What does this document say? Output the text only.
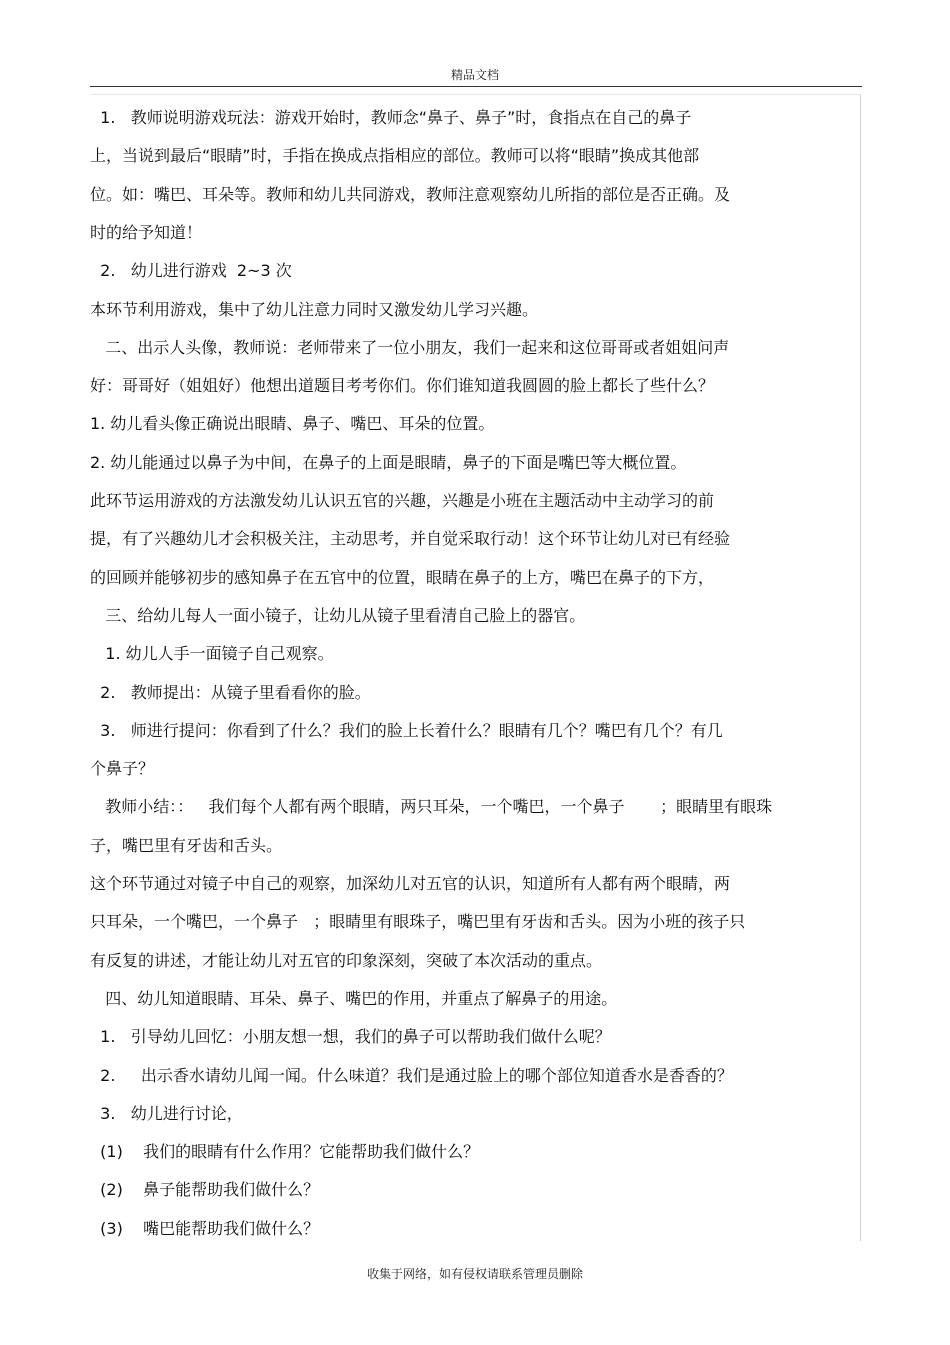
精品文档
1.   教师说明游戏玩法：游戏开始时，教师念“鼻子、鼻子”时，食指点在自己的鼻子
上，当说到最后“眼睛”时，手指在换成点指相应的部位。教师可以将“眼睛”换成其他部
位。如：嘴巴、耳朵等。教师和幼儿共同游戏，教师注意观察幼儿所指的部位是否正确。及
时的给予知道！
2.   幼儿进行游戏  2~3 次
本环节利用游戏，集中了幼儿注意力同时又激发幼儿学习兴趣。
二、出示人头像，教师说：老师带来了一位小朋友，我们一起来和这位哥哥或者姐姐问声
好：哥哥好（姐姐好）他想出道题目考考你们。你们谁知道我圆圆的脸上都长了些什么？
1. 幼儿看头像正确说出眼睛、鼻子、嘴巴、耳朵的位置。
2. 幼儿能通过以鼻子为中间，在鼻子的上面是眼睛，鼻子的下面是嘴巴等大概位置。
此环节运用游戏的方法激发幼儿认识五官的兴趣，兴趣是小班在主题活动中主动学习的前
提，有了兴趣幼儿才会积极关注，主动思考，并自觉采取行动！这个环节让幼儿对已有经验
的回顾并能够初步的感知鼻子在五官中的位置，眼睛在鼻子的上方，嘴巴在鼻子的下方，
三、给幼儿每人一面小镜子，让幼儿从镜子里看清自己脸上的器官。
1. 幼儿人手一面镜子自己观察。
2.   教师提出：从镜子里看看你的脸。
3.   师进行提问：你看到了什么？我们的脸上长着什么？眼睛有几个？嘴巴有几个？有几
个鼻子？
教师小结：：   我们每个人都有两个眼睛，两只耳朵，一个嘴巴，一个鼻子       ；眼睛里有眼珠
子，嘴巴里有牙齿和舌头。
这个环节通过对镜子中自己的观察，加深幼儿对五官的认识，知道所有人都有两个眼睛，两
只耳朵，一个嘴巴，一个鼻子   ；眼睛里有眼珠子，嘴巴里有牙齿和舌头。因为小班的孩子只
有反复的讲述，才能让幼儿对五官的印象深刻，突破了本次活动的重点。
四、幼儿知道眼睛、耳朵、鼻子、嘴巴的作用，并重点了解鼻子的用途。
1.   引导幼儿回忆：小朋友想一想，我们的鼻子可以帮助我们做什么呢？
2.     出示香水请幼儿闻一闻。什么味道？我们是通过脸上的哪个部位知道香水是香香的？
3.   幼儿进行讨论，
(1)    我们的眼睛有什么作用？它能帮助我们做什么？
(2)    鼻子能帮助我们做什么？
(3)    嘴巴能帮助我们做什么？
收集于网络，如有侵权请联系管理员删除
